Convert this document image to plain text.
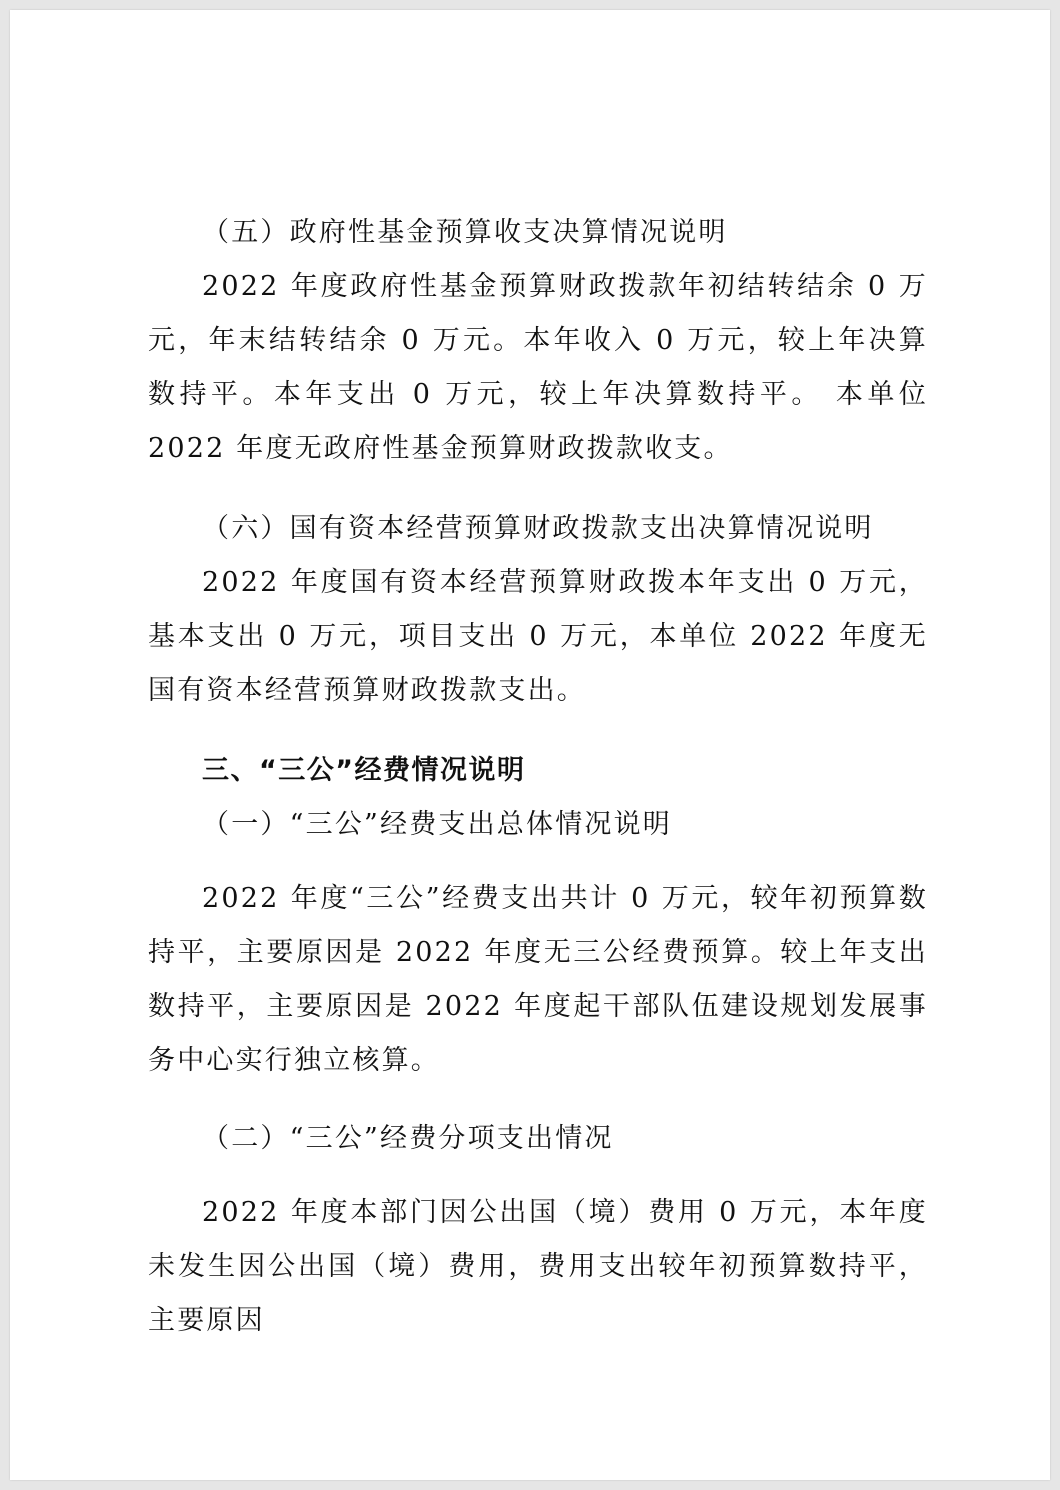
（五）政府性基金预算收支决算情况说明

2022 年度政府性基金预算财政拨款年初结转结余 0 万元，年末结转结余 0 万元。本年收入 0 万元，较上年决算数持平。本年支出 0 万元，较上年决算数持平。 本单位 2022 年度无政府性基金预算财政拨款收支。

（六）国有资本经营预算财政拨款支出决算情况说明

2022 年度国有资本经营预算财政拨本年支出 0 万元，基本支出 0 万元，项目支出 0 万元，本单位 2022 年度无国有资本经营预算财政拨款支出。

三、“三公”经费情况说明

（一）“三公”经费支出总体情况说明

2022 年度“三公”经费支出共计 0 万元，较年初预算数持平，主要原因是 2022 年度无三公经费预算。较上年支出数持平，主要原因是 2022 年度起干部队伍建设规划发展事务中心实行独立核算。

（二）“三公”经费分项支出情况

2022 年度本部门因公出国（境）费用 0 万元，本年度未发生因公出国（境）费用，费用支出较年初预算数持平，主要原因
